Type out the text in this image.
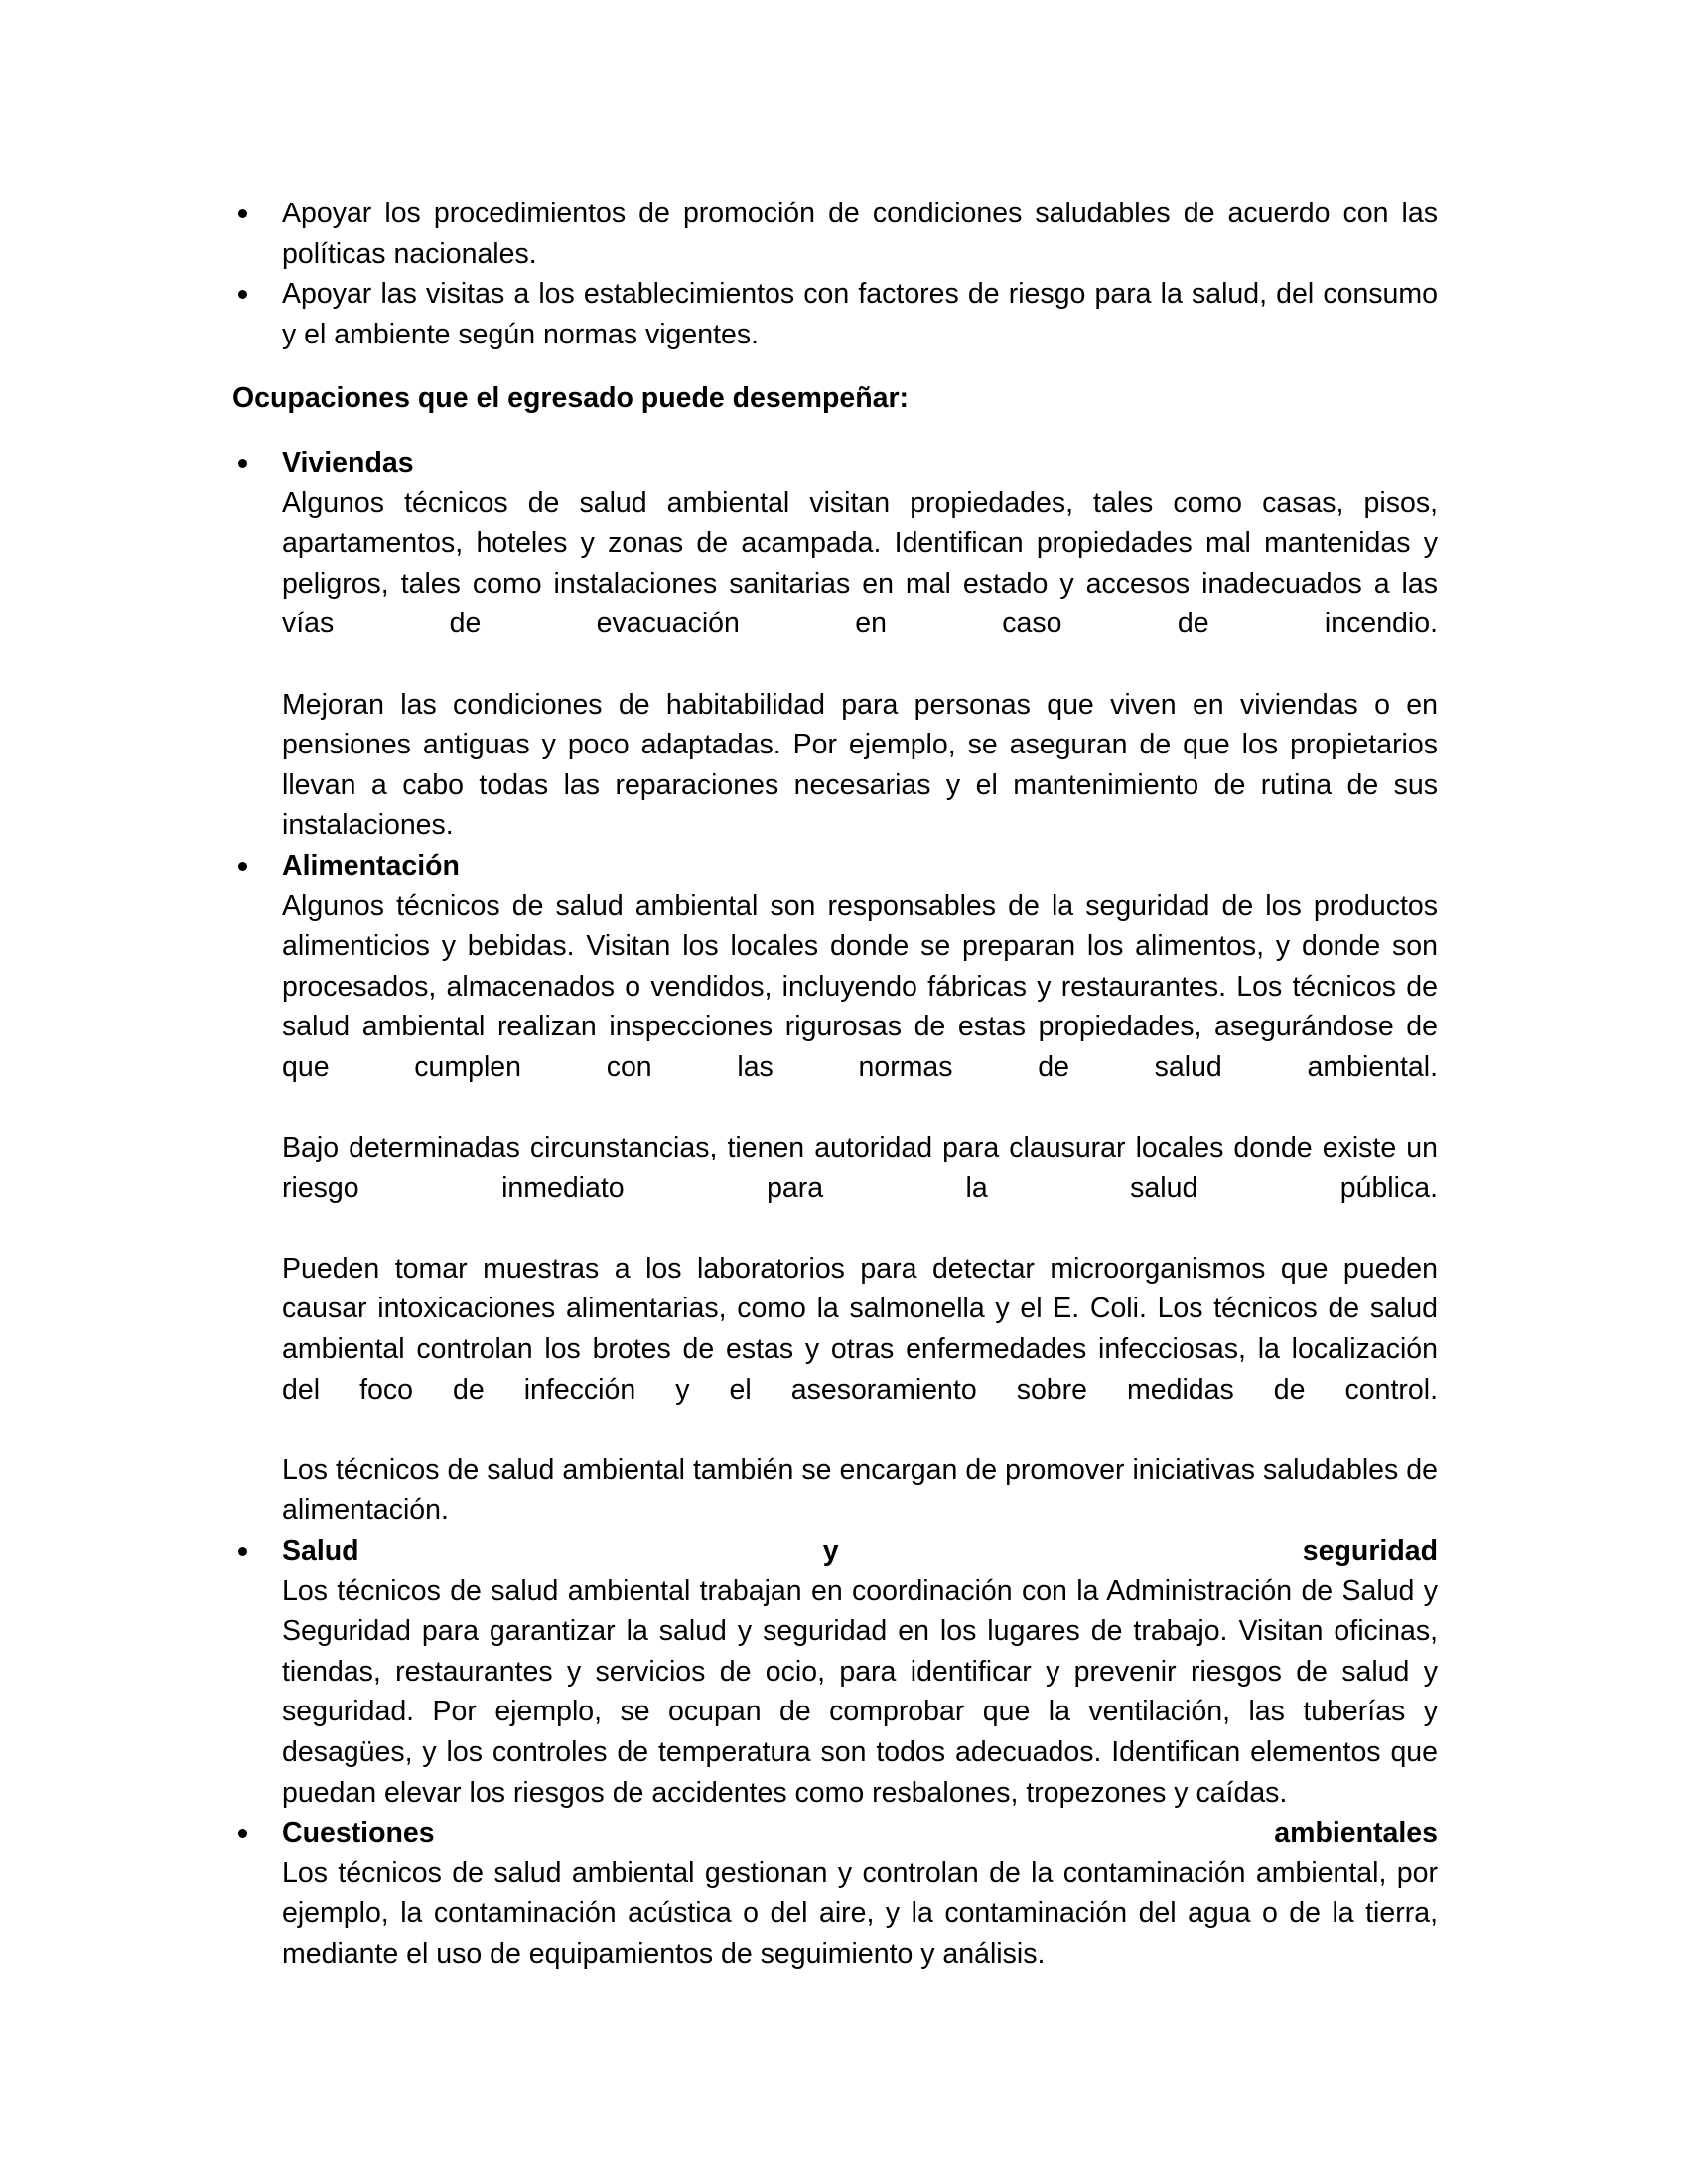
Apoyar los procedimientos de promoción de condiciones saludables de acuerdo con las políticas nacionales.

Apoyar las visitas a los establecimientos con factores de riesgo para la salud, del consumo y el ambiente según normas vigentes.

Ocupaciones que el egresado puede desempeñar:

Viviendas

Algunos técnicos de salud ambiental visitan propiedades, tales como casas, pisos, apartamentos, hoteles y zonas de acampada. Identifican propiedades mal mantenidas y peligros, tales como instalaciones sanitarias en mal estado y accesos inadecuados a las vías de evacuación en caso de incendio.

Mejoran las condiciones de habitabilidad para personas que viven en viviendas o en pensiones antiguas y poco adaptadas. Por ejemplo, se aseguran de que los propietarios llevan a cabo todas las reparaciones necesarias y el mantenimiento de rutina de sus instalaciones.

Alimentación

Algunos técnicos de salud ambiental son responsables de la seguridad de los productos alimenticios y bebidas. Visitan los locales donde se preparan los alimentos, y donde son procesados, almacenados o vendidos, incluyendo fábricas y restaurantes. Los técnicos de salud ambiental realizan inspecciones rigurosas de estas propiedades, asegurándose de que cumplen con las normas de salud ambiental.

Bajo determinadas circunstancias, tienen autoridad para clausurar locales donde existe un riesgo inmediato para la salud pública.

Pueden tomar muestras a los laboratorios para detectar microorganismos que pueden causar intoxicaciones alimentarias, como la salmonella y el E. Coli. Los técnicos de salud ambiental controlan los brotes de estas y otras enfermedades infecciosas, la localización del foco de infección y el asesoramiento sobre medidas de control.

Los técnicos de salud ambiental también se encargan de promover iniciativas saludables de alimentación.

Salud y seguridad

Los técnicos de salud ambiental trabajan en coordinación con la Administración de Salud y Seguridad para garantizar la salud y seguridad en los lugares de trabajo. Visitan oficinas, tiendas, restaurantes y servicios de ocio, para identificar y prevenir riesgos de salud y seguridad. Por ejemplo, se ocupan de comprobar que la ventilación, las tuberías y desagües, y los controles de temperatura son todos adecuados. Identifican elementos que puedan elevar los riesgos de accidentes como resbalones, tropezones y caídas.

Cuestiones ambientales

Los técnicos de salud ambiental gestionan y controlan de la contaminación ambiental, por ejemplo, la contaminación acústica o del aire, y la contaminación del agua o de la tierra, mediante el uso de equipamientos de seguimiento y análisis.
